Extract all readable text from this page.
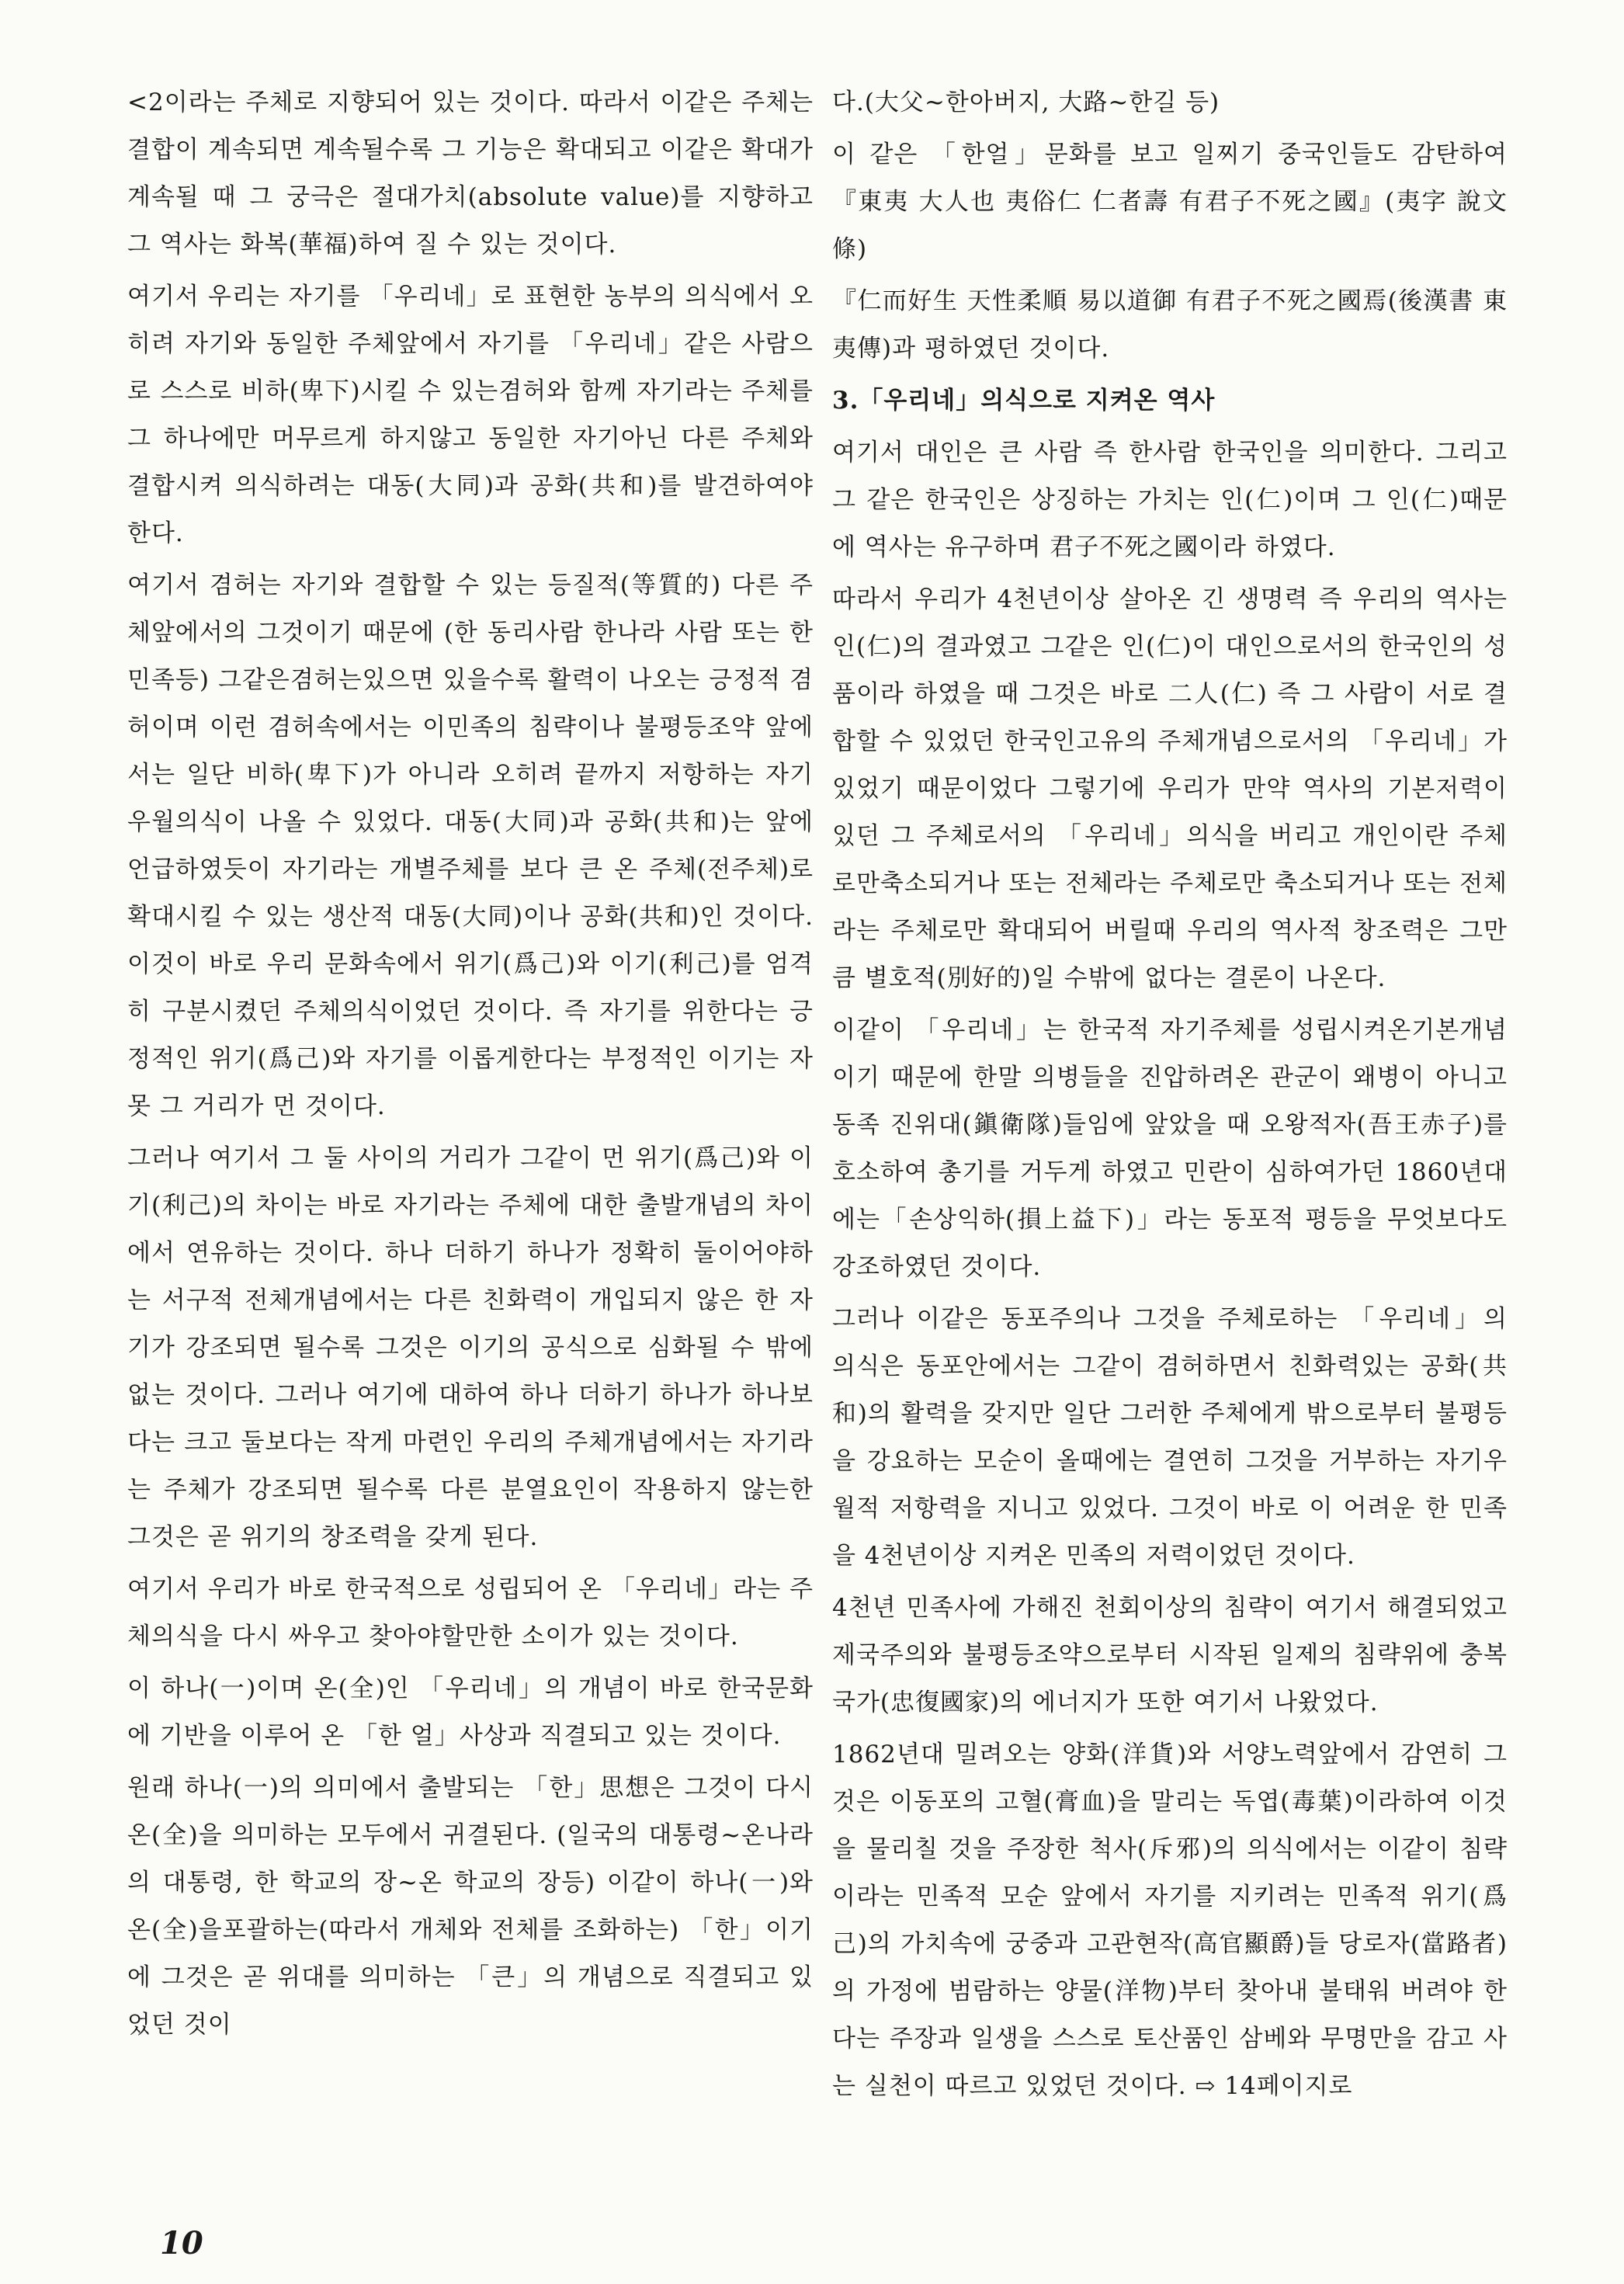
<2이라는 주체로 지향되어 있는 것이다. 따라서 이같은 주체는 결합이 계속되면 계속될수록 그 기능은 확대되고 이같은 확대가 계속될 때 그 궁극은 절대가치(absolute value)를 지향하고 그 역사는 화복(華福)하여 질 수 있는 것이다.

여기서 우리는 자기를 「우리네」로 표현한 농부의 의식에서 오히려 자기와 동일한 주체앞에서 자기를 「우리네」같은 사람으로 스스로 비하(卑下)시킬 수 있는겸허와 함께 자기라는 주체를 그 하나에만 머무르게 하지않고 동일한 자기아닌 다른 주체와 결합시켜 의식하려는 대동(大同)과 공화(共和)를 발견하여야 한다.

여기서 겸허는 자기와 결합할 수 있는 등질적(等質的) 다른 주체앞에서의 그것이기 때문에 (한 동리사람 한나라 사람 또는 한 민족등) 그같은겸허는있으면 있을수록 활력이 나오는 긍정적 겸허이며 이런 겸허속에서는 이민족의 침략이나 불평등조약 앞에서는 일단 비하(卑下)가 아니라 오히려 끝까지 저항하는 자기 우월의식이 나올 수 있었다. 대동(大同)과 공화(共和)는 앞에 언급하였듯이 자기라는 개별주체를 보다 큰 온 주체(전주체)로 확대시킬 수 있는 생산적 대동(大同)이나 공화(共和)인 것이다. 이것이 바로 우리 문화속에서 위기(爲己)와 이기(利己)를 엄격히 구분시켰던 주체의식이었던 것이다. 즉 자기를 위한다는 긍정적인 위기(爲己)와 자기를 이롭게한다는 부정적인 이기는 자못 그 거리가 먼 것이다.

그러나 여기서 그 둘 사이의 거리가 그같이 먼 위기(爲己)와 이기(利己)의 차이는 바로 자기라는 주체에 대한 출발개념의 차이에서 연유하는 것이다. 하나 더하기 하나가 정확히 둘이어야하는 서구적 전체개념에서는 다른 친화력이 개입되지 않은 한 자기가 강조되면 될수록 그것은 이기의 공식으로 심화될 수 밖에 없는 것이다. 그러나 여기에 대하여 하나 더하기 하나가 하나보다는 크고 둘보다는 작게 마련인 우리의 주체개념에서는 자기라는 주체가 강조되면 될수록 다른 분열요인이 작용하지 않는한 그것은 곧 위기의 창조력을 갖게 된다.

여기서 우리가 바로 한국적으로 성립되어 온 「우리네」라는 주체의식을 다시 싸우고 찾아야할만한 소이가 있는 것이다.

이 하나(一)이며 온(全)인 「우리네」의 개념이 바로 한국문화에 기반을 이루어 온 「한 얼」사상과 직결되고 있는 것이다.

원래 하나(一)의 의미에서 출발되는 「한」思想은 그것이 다시 온(全)을 의미하는 모두에서 귀결된다. (일국의 대통령~온나라의 대통령, 한 학교의 장~온 학교의 장등) 이같이 하나(一)와 온(全)을포괄하는(따라서 개체와 전체를 조화하는) 「한」이기에 그것은 곧 위대를 의미하는 「큰」의 개념으로 직결되고 있었던 것이

다.(大父~한아버지, 大路~한길 등)

이 같은 「한얼」문화를 보고 일찌기 중국인들도 감탄하여 『東夷 大人也 夷俗仁 仁者壽 有君子不死之國』(夷字 說文條)

『仁而好生 天性柔順 易以道御 有君子不死之國焉(後漢書 東夷傳)과 평하였던 것이다.

3.「우리네」의식으로 지켜온 역사

여기서 대인은 큰 사람 즉 한사람 한국인을 의미한다. 그리고 그 같은 한국인은 상징하는 가치는 인(仁)이며 그 인(仁)때문에 역사는 유구하며 君子不死之國이라 하였다.

따라서 우리가 4천년이상 살아온 긴 생명력 즉 우리의 역사는 인(仁)의 결과였고 그같은 인(仁)이 대인으로서의 한국인의 성품이라 하였을 때 그것은 바로 二人(仁) 즉 그 사람이 서로 결합할 수 있었던 한국인고유의 주체개념으로서의 「우리네」가 있었기 때문이었다 그렇기에 우리가 만약 역사의 기본저력이 있던 그 주체로서의 「우리네」의식을 버리고 개인이란 주체로만축소되거나 또는 전체라는 주체로만 축소되거나 또는 전체라는 주체로만 확대되어 버릴때 우리의 역사적 창조력은 그만큼 별호적(別好的)일 수밖에 없다는 결론이 나온다.

이같이 「우리네」는 한국적 자기주체를 성립시켜온기본개념이기 때문에 한말 의병들을 진압하려온 관군이 왜병이 아니고 동족 진위대(鎭衛隊)들임에 앞았을 때 오왕적자(吾王赤子)를 호소하여 총기를 거두게 하였고 민란이 심하여가던 1860년대에는「손상익하(損上益下)」라는 동포적 평등을 무엇보다도 강조하였던 것이다.

그러나 이같은 동포주의나 그것을 주체로하는 「우리네」의 의식은 동포안에서는 그같이 겸허하면서 친화력있는 공화(共和)의 활력을 갖지만 일단 그러한 주체에게 밖으로부터 불평등을 강요하는 모순이 올때에는 결연히 그것을 거부하는 자기우월적 저항력을 지니고 있었다. 그것이 바로 이 어려운 한 민족을 4천년이상 지켜온 민족의 저력이었던 것이다.

4천년 민족사에 가해진 천회이상의 침략이 여기서 해결되었고 제국주의와 불평등조약으로부터 시작된 일제의 침략위에 충복국가(忠復國家)의 에너지가 또한 여기서 나왔었다.

1862년대 밀려오는 양화(洋貨)와 서양노력앞에서 감연히 그것은 이동포의 고혈(膏血)을 말리는 독엽(毒葉)이라하여 이것을 물리칠 것을 주장한 척사(斥邪)의 의식에서는 이같이 침략이라는 민족적 모순 앞에서 자기를 지키려는 민족적 위기(爲己)의 가치속에 궁중과 고관현작(高官顯爵)들 당로자(當路者)의 가정에 범람하는 양물(洋物)부터 찾아내 불태워 버려야 한다는 주장과 일생을 스스로 토산품인 삼베와 무명만을 감고 사는 실천이 따르고 있었던 것이다. ⇨ 14페이지로

10
